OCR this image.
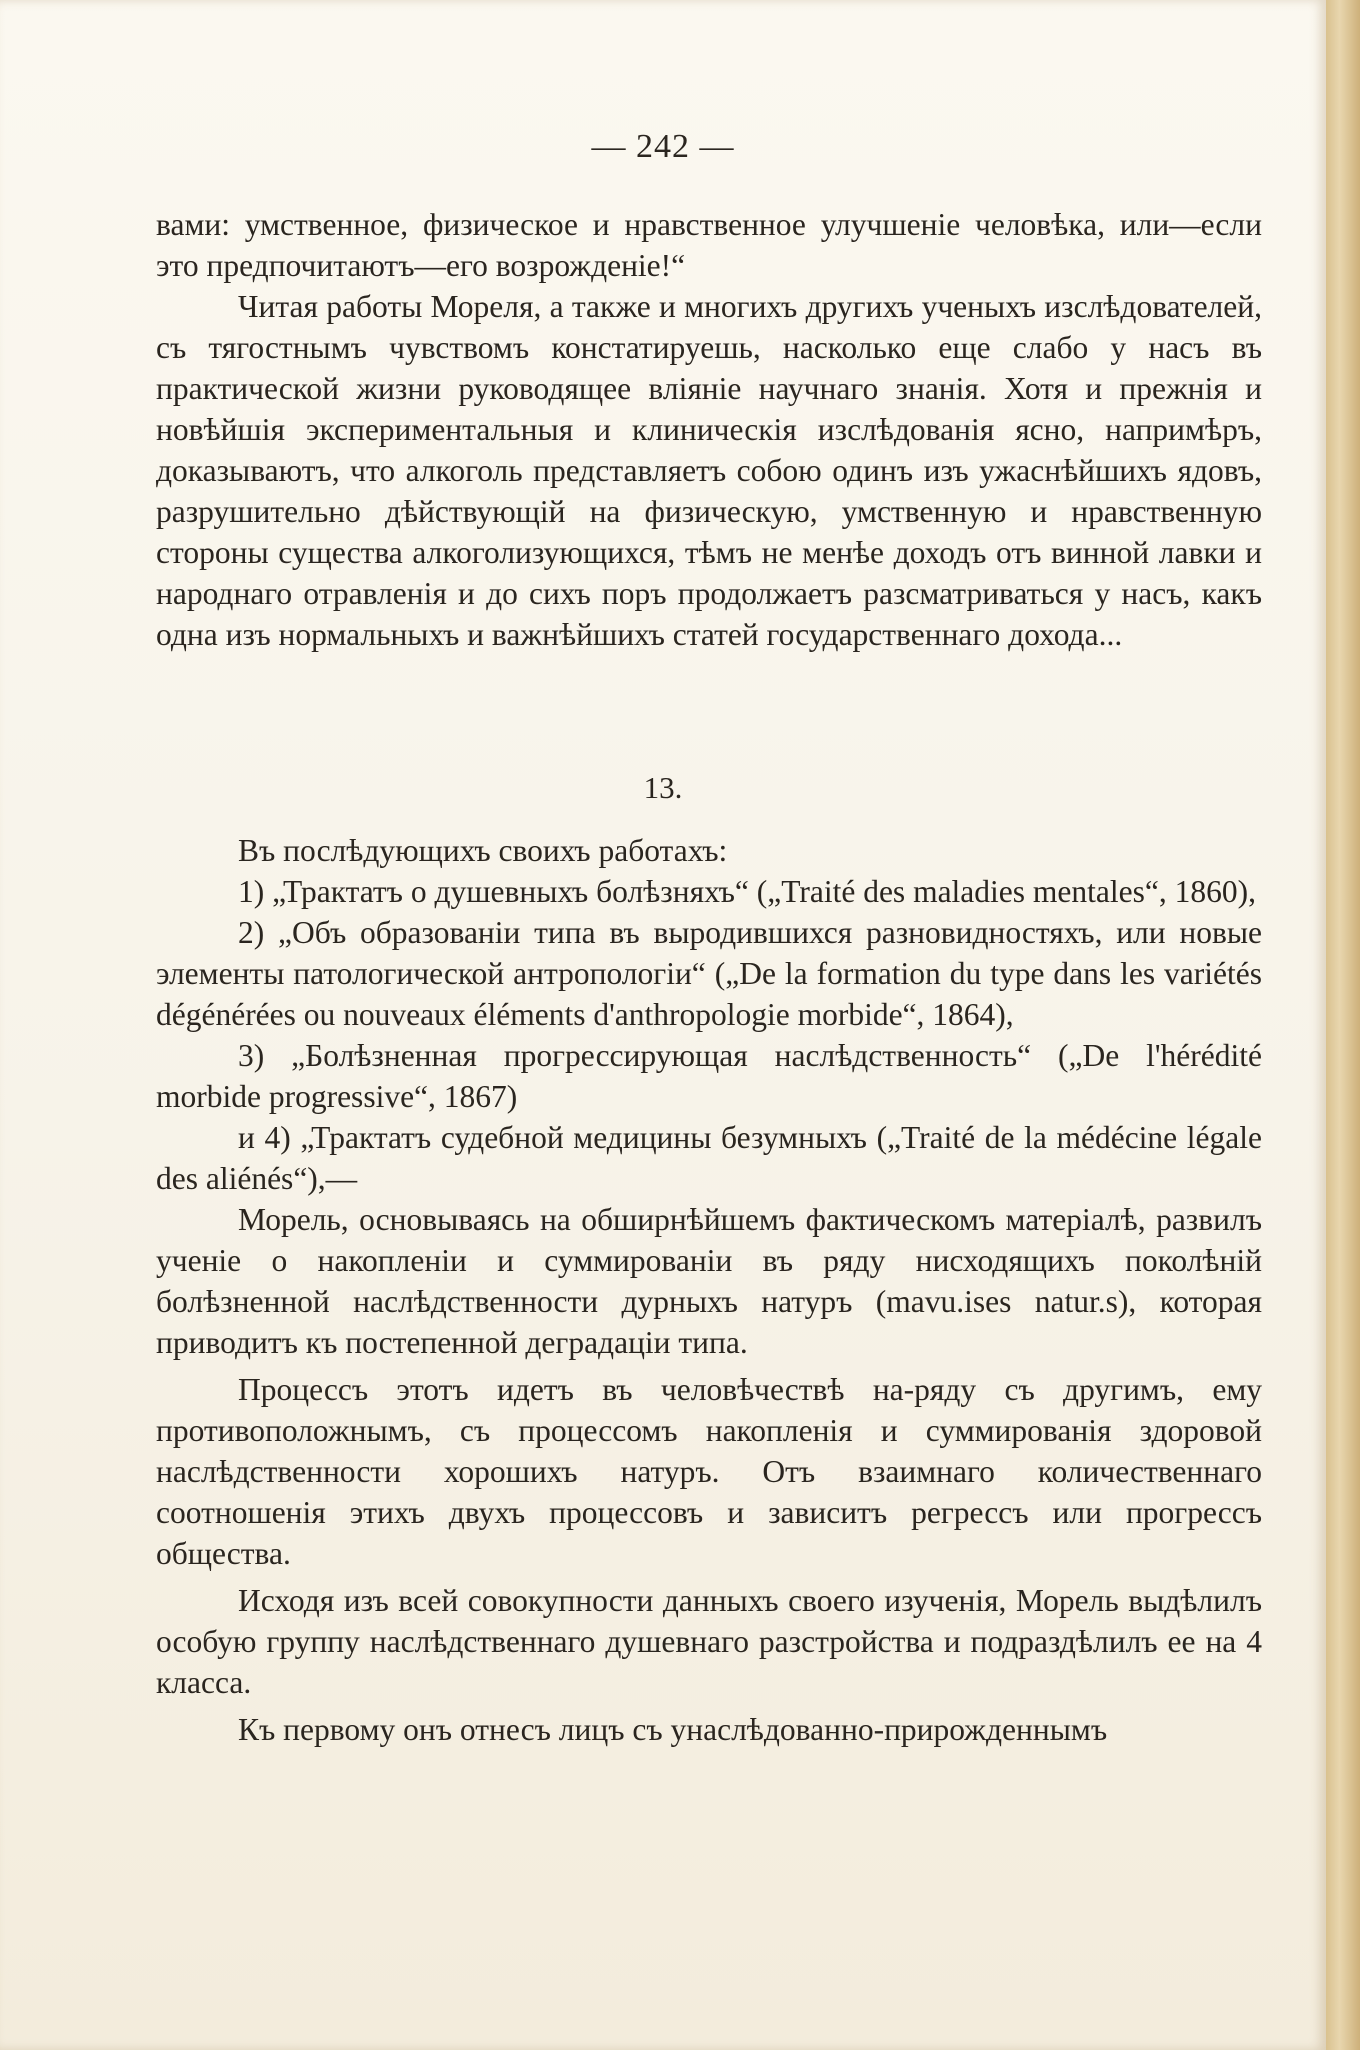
— 242 —

вами: умственное, физическое и нравственное улучшеніе человѣка, или—если это предпочитаютъ—его возрожденіе!“

Читая работы Мореля, а также и многихъ другихъ ученыхъ изслѣдователей, съ тягостнымъ чувствомъ констатируешь, насколько еще слабо у насъ въ практической жизни руководящее вліяніе научнаго знанія. Хотя и прежнія и новѣйшія экспериментальныя и клиническія изслѣдованія ясно, напримѣръ, доказываютъ, что алкоголь представляетъ собою одинъ изъ ужаснѣйшихъ ядовъ, разрушительно дѣйствующій на физическую, умственную и нравственную стороны существа алкоголизующихся, тѣмъ не менѣе доходъ отъ винной лавки и народнаго отравленія и до сихъ поръ продолжаетъ разсматриваться у насъ, какъ одна изъ нормальныхъ и важнѣйшихъ статей государственнаго дохода...

13.

Въ послѣдующихъ своихъ работахъ:

1) „Трактатъ о душевныхъ болѣзняхъ“ („Traité des maladies mentales“, 1860),

2) „Объ образованіи типа въ выродившихся разновидностяхъ, или новые элементы патологической антропологіи“ („De la formation du type dans les variétés dégénérées ou nouveaux éléments d'anthropologie morbide“, 1864),

3) „Болѣзненная прогрессирующая наслѣдственность“ („De l'hérédité morbide progressive“, 1867)

и 4) „Трактатъ судебной медицины безумныхъ („Traité de la médécine légale des aliénés“),—

Морель, основываясь на обширнѣйшемъ фактическомъ матеріалѣ, развилъ ученіе о накопленіи и суммированіи въ ряду нисходящихъ поколѣній болѣзненной наслѣдственности дурныхъ натуръ (mavu.ises natur.s), которая приводитъ къ постепенной деградаціи типа.

Процессъ этотъ идетъ въ человѣчествѣ на-ряду съ другимъ, ему противоположнымъ, съ процессомъ накопленія и суммированія здоровой наслѣдственности хорошихъ натуръ. Отъ взаимнаго количественнаго соотношенія этихъ двухъ процессовъ и зависитъ регрессъ или прогрессъ общества.

Исходя изъ всей совокупности данныхъ своего изученія, Морель выдѣлилъ особую группу наслѣдственнаго душевнаго разстройства и подраздѣлилъ ее на 4 класса.

Къ первому онъ отнесъ лицъ съ унаслѣдованно-прирожденнымъ
